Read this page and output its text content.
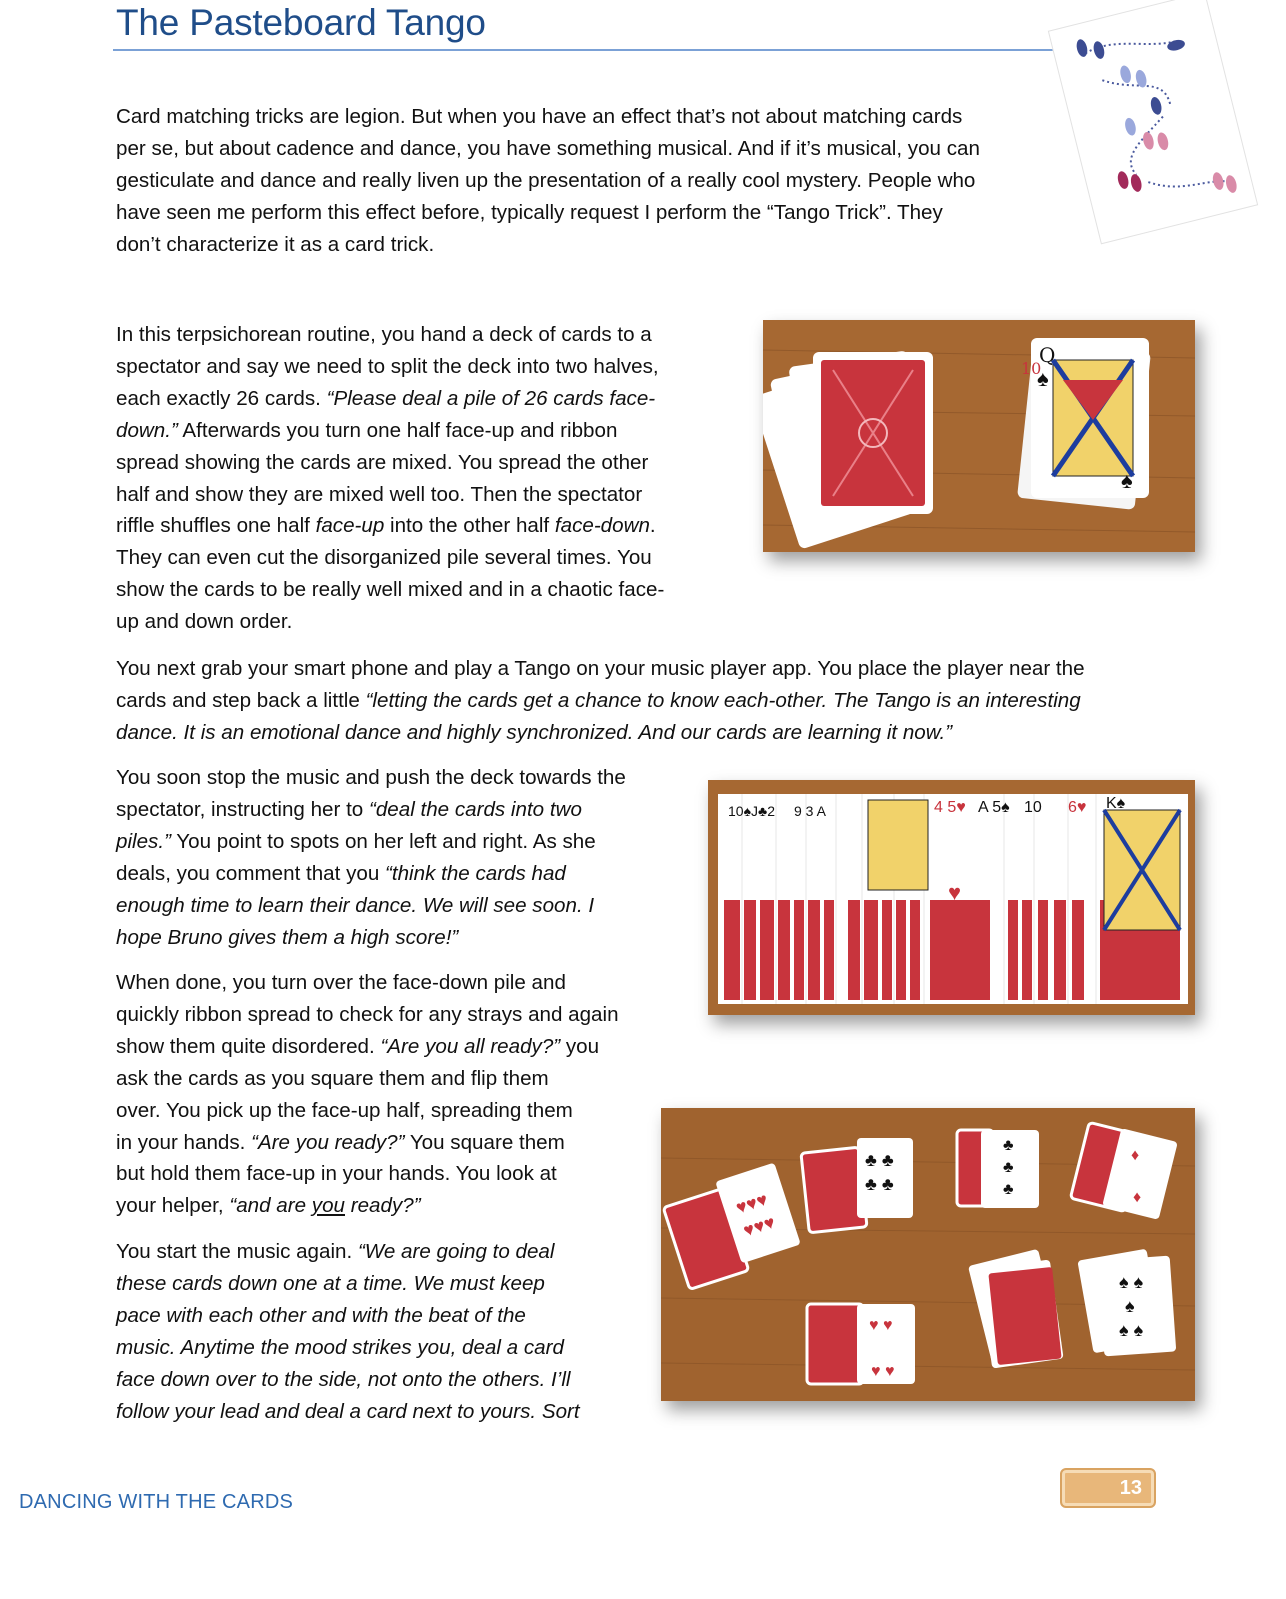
The Pasteboard Tango

Card matching tricks are legion. But when you have an effect that’s not about matching cards
per se, but about cadence and dance, you have something musical. And if it’s musical, you can
gesticulate and dance and really liven up the presentation of a really cool mystery. People who
have seen me perform this effect before, typically request I perform the “Tango Trick”. They
don’t characterize it as a card trick.

In this terpsichorean routine, you hand a deck of cards to a
spectator and say we need to split the deck into two halves,
each exactly 26 cards. “Please deal a pile of 26 cards face-
down.” Afterwards you turn one half face-up and ribbon
spread showing the cards are mixed. You spread the other
half and show they are mixed well too. Then the spectator
riffle shuffles one half face-up into the other half face-down.
They can even cut the disorganized pile several times. You
show the cards to be really well mixed and in a chaotic face-
up and down order.

You next grab your smart phone and play a Tango on your music player app. You place the player near the
cards and step back a little “letting the cards get a chance to know each-other. The Tango is an interesting
dance. It is an emotional dance and highly synchronized. And our cards are learning it now.”

You soon stop the music and push the deck towards the
spectator, instructing her to “deal the cards into two
piles.” You point to spots on her left and right. As she
deals, you comment that you “think the cards had
enough time to learn their dance. We will see soon. I
hope Bruno gives them a high score!”

When done, you turn over the face-down pile and
quickly ribbon spread to check for any strays and again
show them quite disordered. “Are you all ready?” you
ask the cards as you square them and flip them
over. You pick up the face-up half, spreading them
in your hands. “Are you ready?” You square them
but hold them face-up in your hands. You look at
your helper, “and are you ready?”

You start the music again. “We are going to deal
these cards down one at a time. We must keep
pace with each other and with the beat of the
music. Anytime the mood strikes you, deal a card
face down over to the side, not onto the others. I’ll
follow your lead and deal a card next to yours. Sort

Q
♠
♠
10
10♠J♣2 9 3 A	4 5♥ A 5♠ 10 6♥ K♠
♥
♥♥♥
♥♥♥
♣ ♣
♣ ♣
♣
♣
♣
♦
♦
♥ ♥
♥ ♥
♠ ♠
♠
♠ ♠
DANCING WITH THE CARDS
13
